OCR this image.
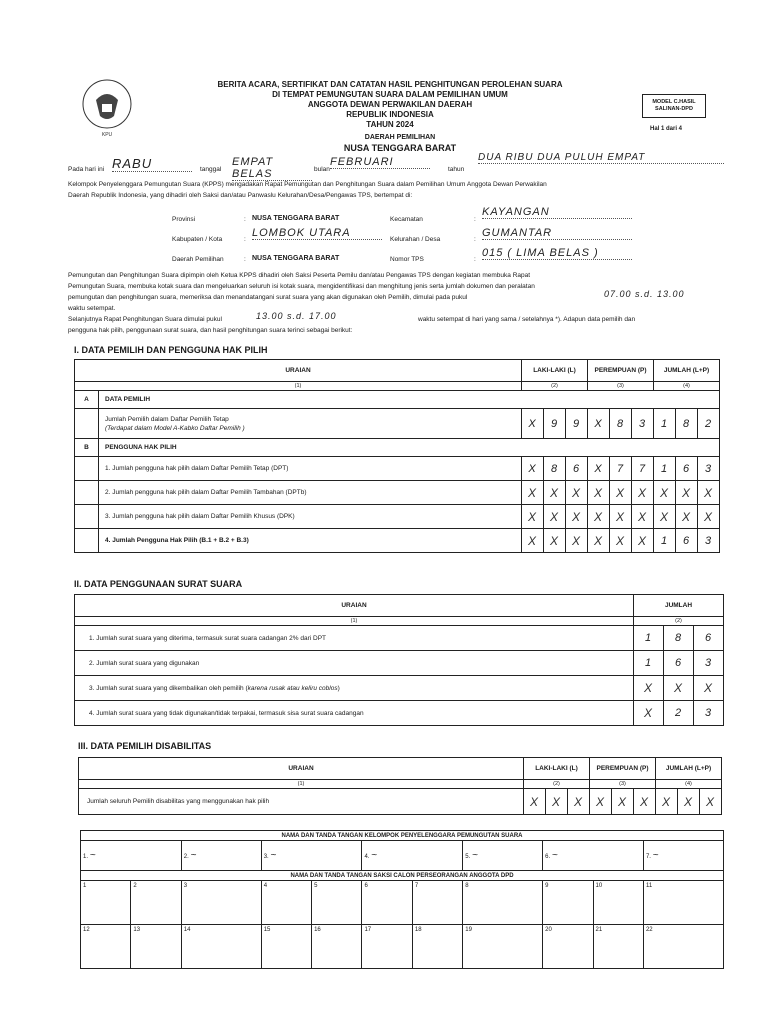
KPU
BERITA ACARA, SERTIFIKAT DAN CATATAN HASIL PENGHITUNGAN PEROLEHAN SUARA
DI TEMPAT PEMUNGUTAN SUARA DALAM PEMILIHAN UMUM
ANGGOTA DEWAN PERWAKILAN DAERAH
REPUBLIK INDONESIA
TAHUN 2024
MODEL C.HASIL SALINAN-DPD
Hal 1 dari 4
DAERAH PEMILIHAN
NUSA TENGGARA BARAT
Pada hari ini RABU	tanggal
EMPAT BELAS	bulan
FEBRUARI
tahun
DUA RIBU DUA PULUH EMPAT
Kelompok Penyelenggara Pemungutan Suara (KPPS) mengadakan Rapat Pemungutan dan Penghitungan Suara dalam Pemilihan Umum Anggota Dewan Perwakilan
Daerah Republik Indonesia, yang dihadiri oleh Saksi dan/atau Panwaslu Kelurahan/Desa/Pengawas TPS, bertempat di:
Provinsi	: NUSA TENGGARA BARAT
Kabupaten / Kota	:
LOMBOK UTARA
Daerah Pemilihan	: NUSA TENGGARA BARAT
Kecamatan	:
KAYANGAN
Kelurahan / Desa	:
GUMANTAR
Nomor TPS	:
015 ( LIMA BELAS )
Pemungutan dan Penghitungan Suara dipimpin oleh Ketua KPPS dihadiri oleh Saksi Peserta Pemilu dan/atau Pengawas TPS dengan kegiatan membuka Rapat
Pemungutan Suara, membuka kotak suara dan mengeluarkan seluruh isi kotak suara, mengidentifikasi dan menghitung jenis serta jumlah dokumen dan peralatan
pemungutan dan penghitungan suara, memeriksa dan menandatangani surat suara yang akan digunakan oleh Pemilih, dimulai pada pukul	07.00 s.d. 13.00
waktu setempat.
Selanjutnya Rapat Penghitungan Suara dimulai pukul	13.00 s.d. 17.00	waktu setempat di hari yang sama / setelahnya *). Adapun data pemilih dan
pengguna hak pilih, penggunaan surat suara, dan hasil penghitungan suara terinci sebagai berikut:
I. DATA PEMILIH DAN PENGGUNA HAK PILIH
URAIAN		LAKI-LAKI (L)			PEREMPUAN (P)			JUMLAH (L+P)		
(1)		(2)			(3)			(4)		
A	DATA PEMILIH									

	Jumlah Pemilih dalam Daftar Pemilih Tetap
(Terdapat dalam Model A-Kabko Daftar Pemilih )	X	9	9	X	8	3	1	8	2
B	PENGGUNA HAK PILIH									
	1. Jumlah pengguna hak pilih dalam Daftar Pemilih Tetap (DPT)	X	8	6	X	7	7	1	6	3
	2. Jumlah pengguna hak pilih dalam Daftar Pemilih Tambahan (DPTb)	X	X	X	X	X	X	X	X	X
	3. Jumlah pengguna hak pilih dalam Daftar Pemilih Khusus (DPK)	X	X	X	X	X	X	X	X	X
	4. Jumlah Pengguna Hak Pilih (B.1 + B.2 + B.3)	X	X	X	X	X	X	1	6	3
II. DATA PENGGUNAAN SURAT SUARA
URAIAN	JUMLAH		
(1)	(2)		
1. Jumlah surat suara yang diterima, termasuk surat suara cadangan 2% dari DPT	1	8	6
2. Jumlah surat suara yang digunakan	1	6	3
3. Jumlah surat suara yang dikembalikan oleh pemilih (karena rusak atau keliru coblos)	X	X	X
4. Jumlah surat suara yang tidak digunakan/tidak terpakai, termasuk sisa surat suara cadangan	X	2	3
III. DATA PEMILIH DISABILITAS
URAIAN	LAKI-LAKI (L)			PEREMPUAN (P)			JUMLAH (L+P)		
(1)	(2)			(3)			(4)		
Jumlah seluruh Pemilih disabilitas yang menggunakan hak pilih	X	X	X	X	X	X	X	X	X
NAMA DAN TANDA TANGAN KELOMPOK PENYELENGGARA PEMUNGUTAN SUARA										
1. ~		2. ~	3. ~		4. ~		5. ~	6. ~		7. ~
NAMA DAN TANDA TANGAN SAKSI CALON PERSEORANGAN ANGGOTA DPD										
1	2	3	4	5	6	7	8	9	10	11
12	13	14	15	16	17	18	19	20	21	22
